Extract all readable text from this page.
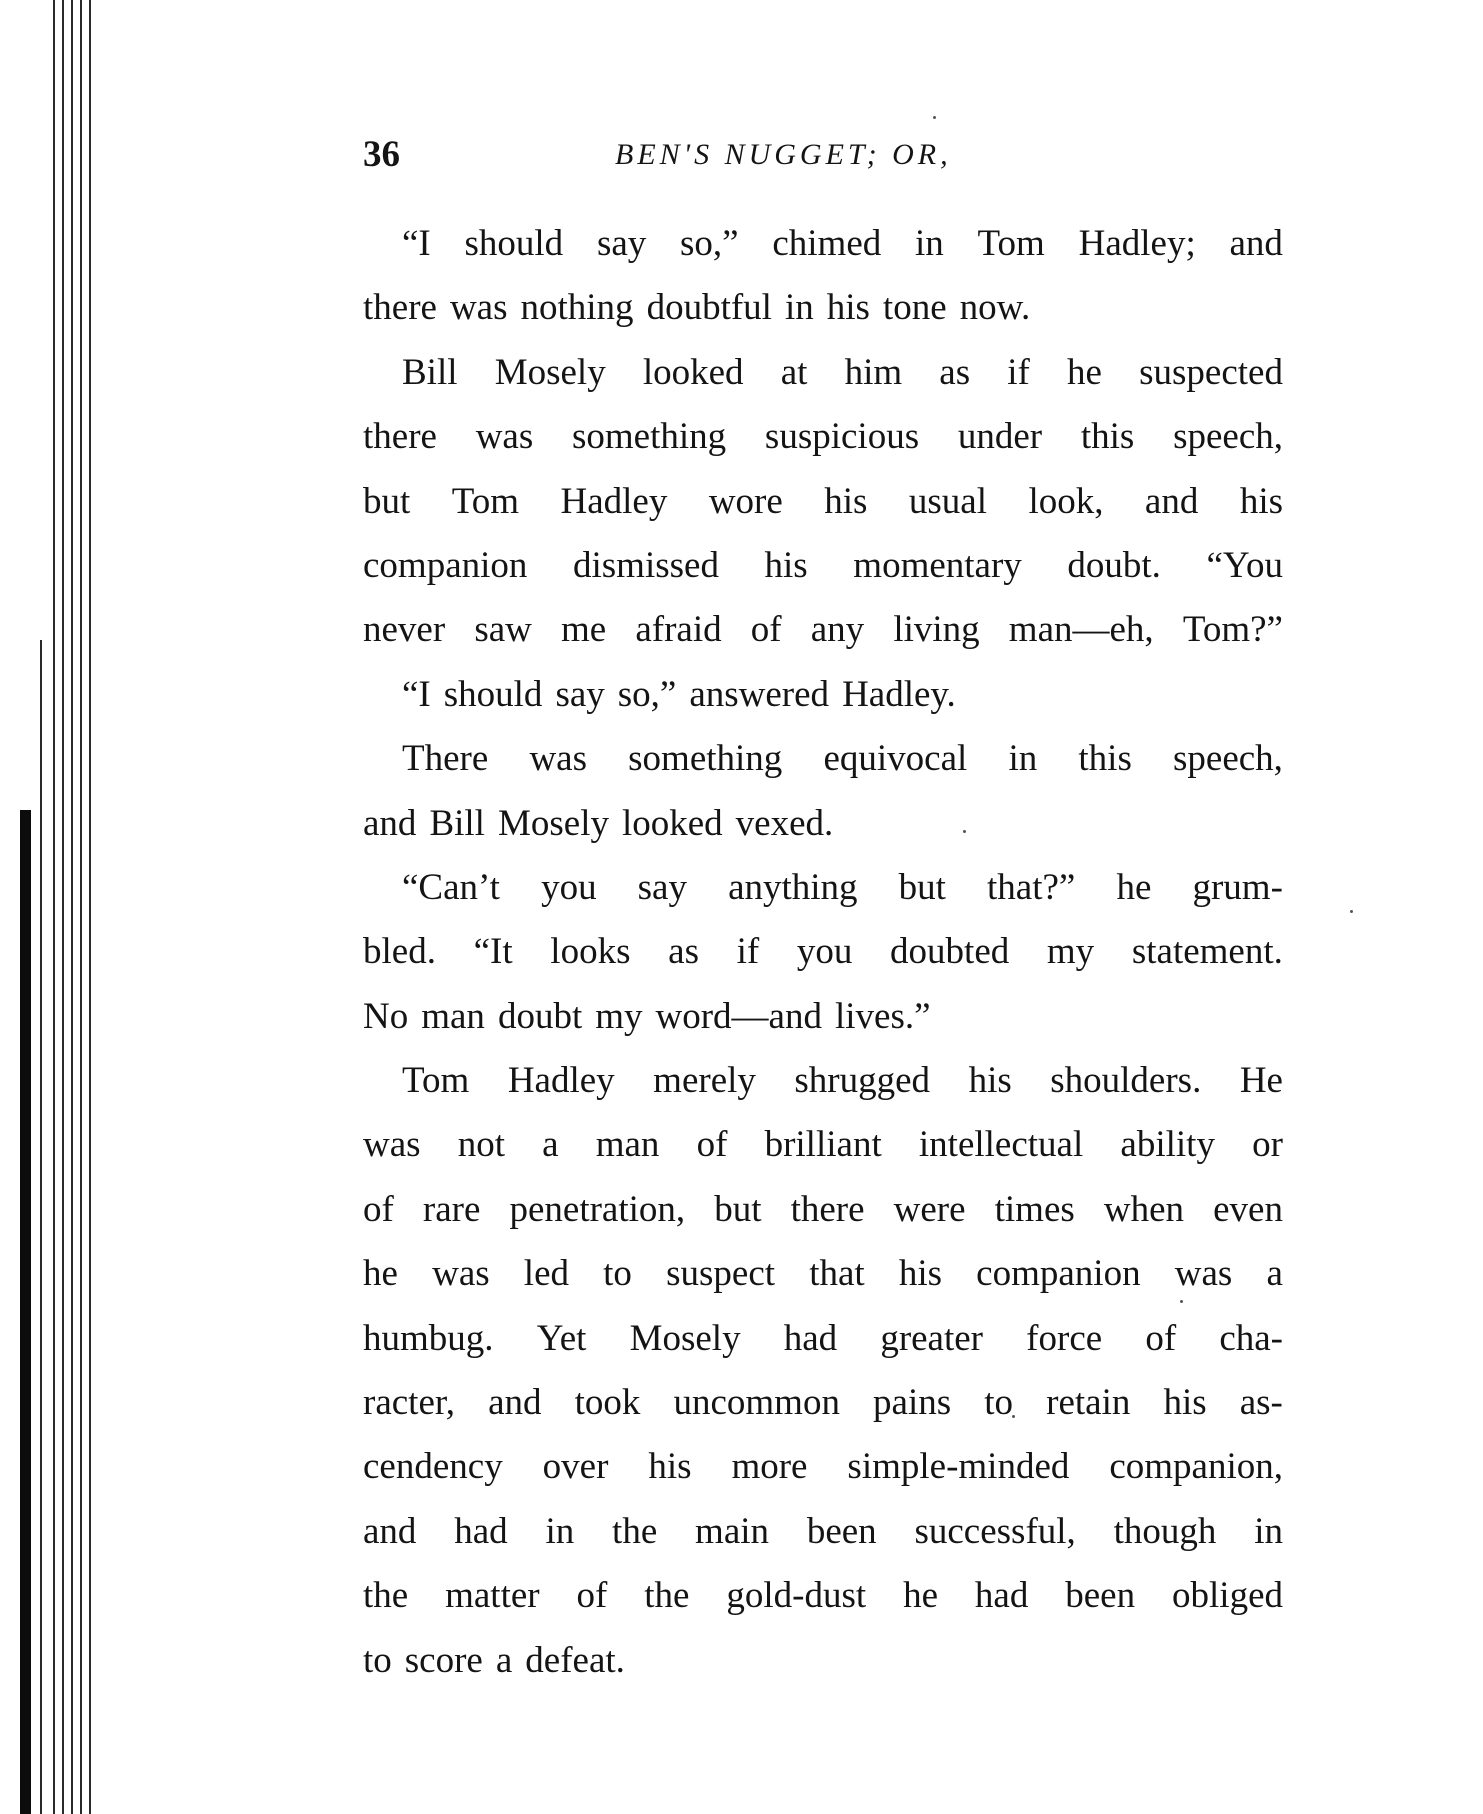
36	BEN'S NUGGET; OR,
“I should say so,” chimed in Tom Hadley; and
there was nothing doubtful in his tone now.
Bill Mosely looked at him as if he suspected
there was something suspicious under this speech,
but Tom Hadley wore his usual look, and his
companion dismissed his momentary doubt. “You
never saw me afraid of any living man—eh, Tom?”
“I should say so,” answered Hadley.
There was something equivocal in this speech,
and Bill Mosely looked vexed.
“Can’t you say anything but that?” he grum-
bled. “It looks as if you doubted my statement.
No man doubt my word—and lives.”
Tom Hadley merely shrugged his shoulders. He
was not a man of brilliant intellectual ability or
of rare penetration, but there were times when even
he was led to suspect that his companion was a
humbug. Yet Mosely had greater force of cha-
racter, and took uncommon pains to retain his as-
cendency over his more simple-minded companion,
and had in the main been successful, though in
the matter of the gold-dust he had been obliged
to score a defeat.
